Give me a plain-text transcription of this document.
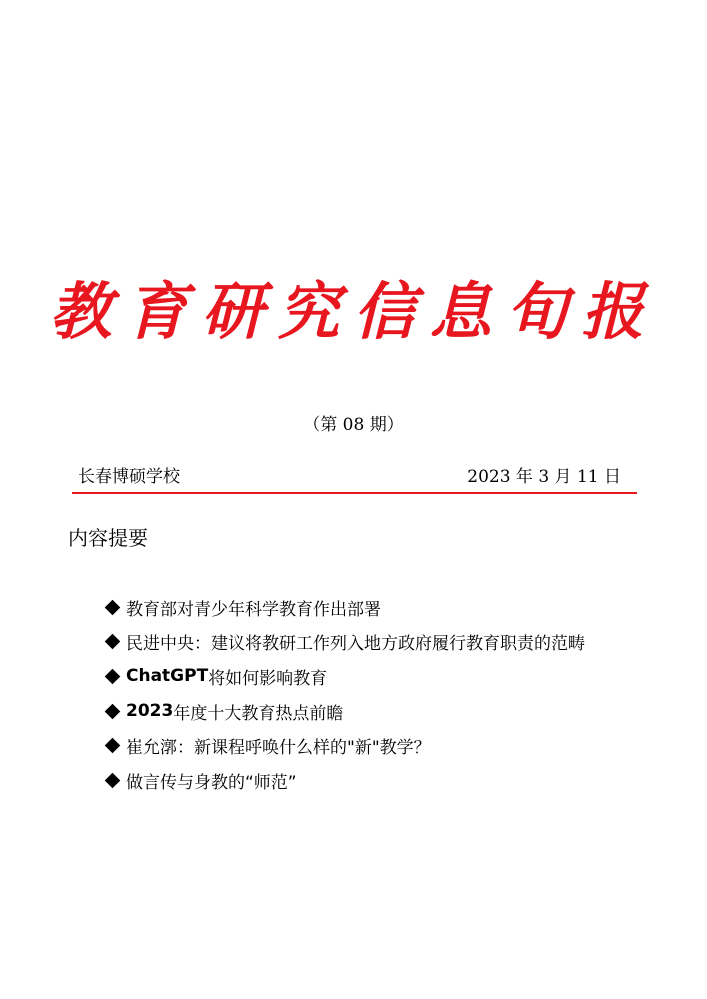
教育研究信息旬报
（第 08 期）
长春博硕学校	2023 年 3 月 11 日
内容提要
教育部对青少年科学教育作出部署
民进中央：建议将教研工作列入地方政府履行教育职责的范畴
ChatGPT 将如何影响教育
2023 年度十大教育热点前瞻
崔允漷：新课程呼唤什么样的"新"教学？
做言传与身教的“师范”
